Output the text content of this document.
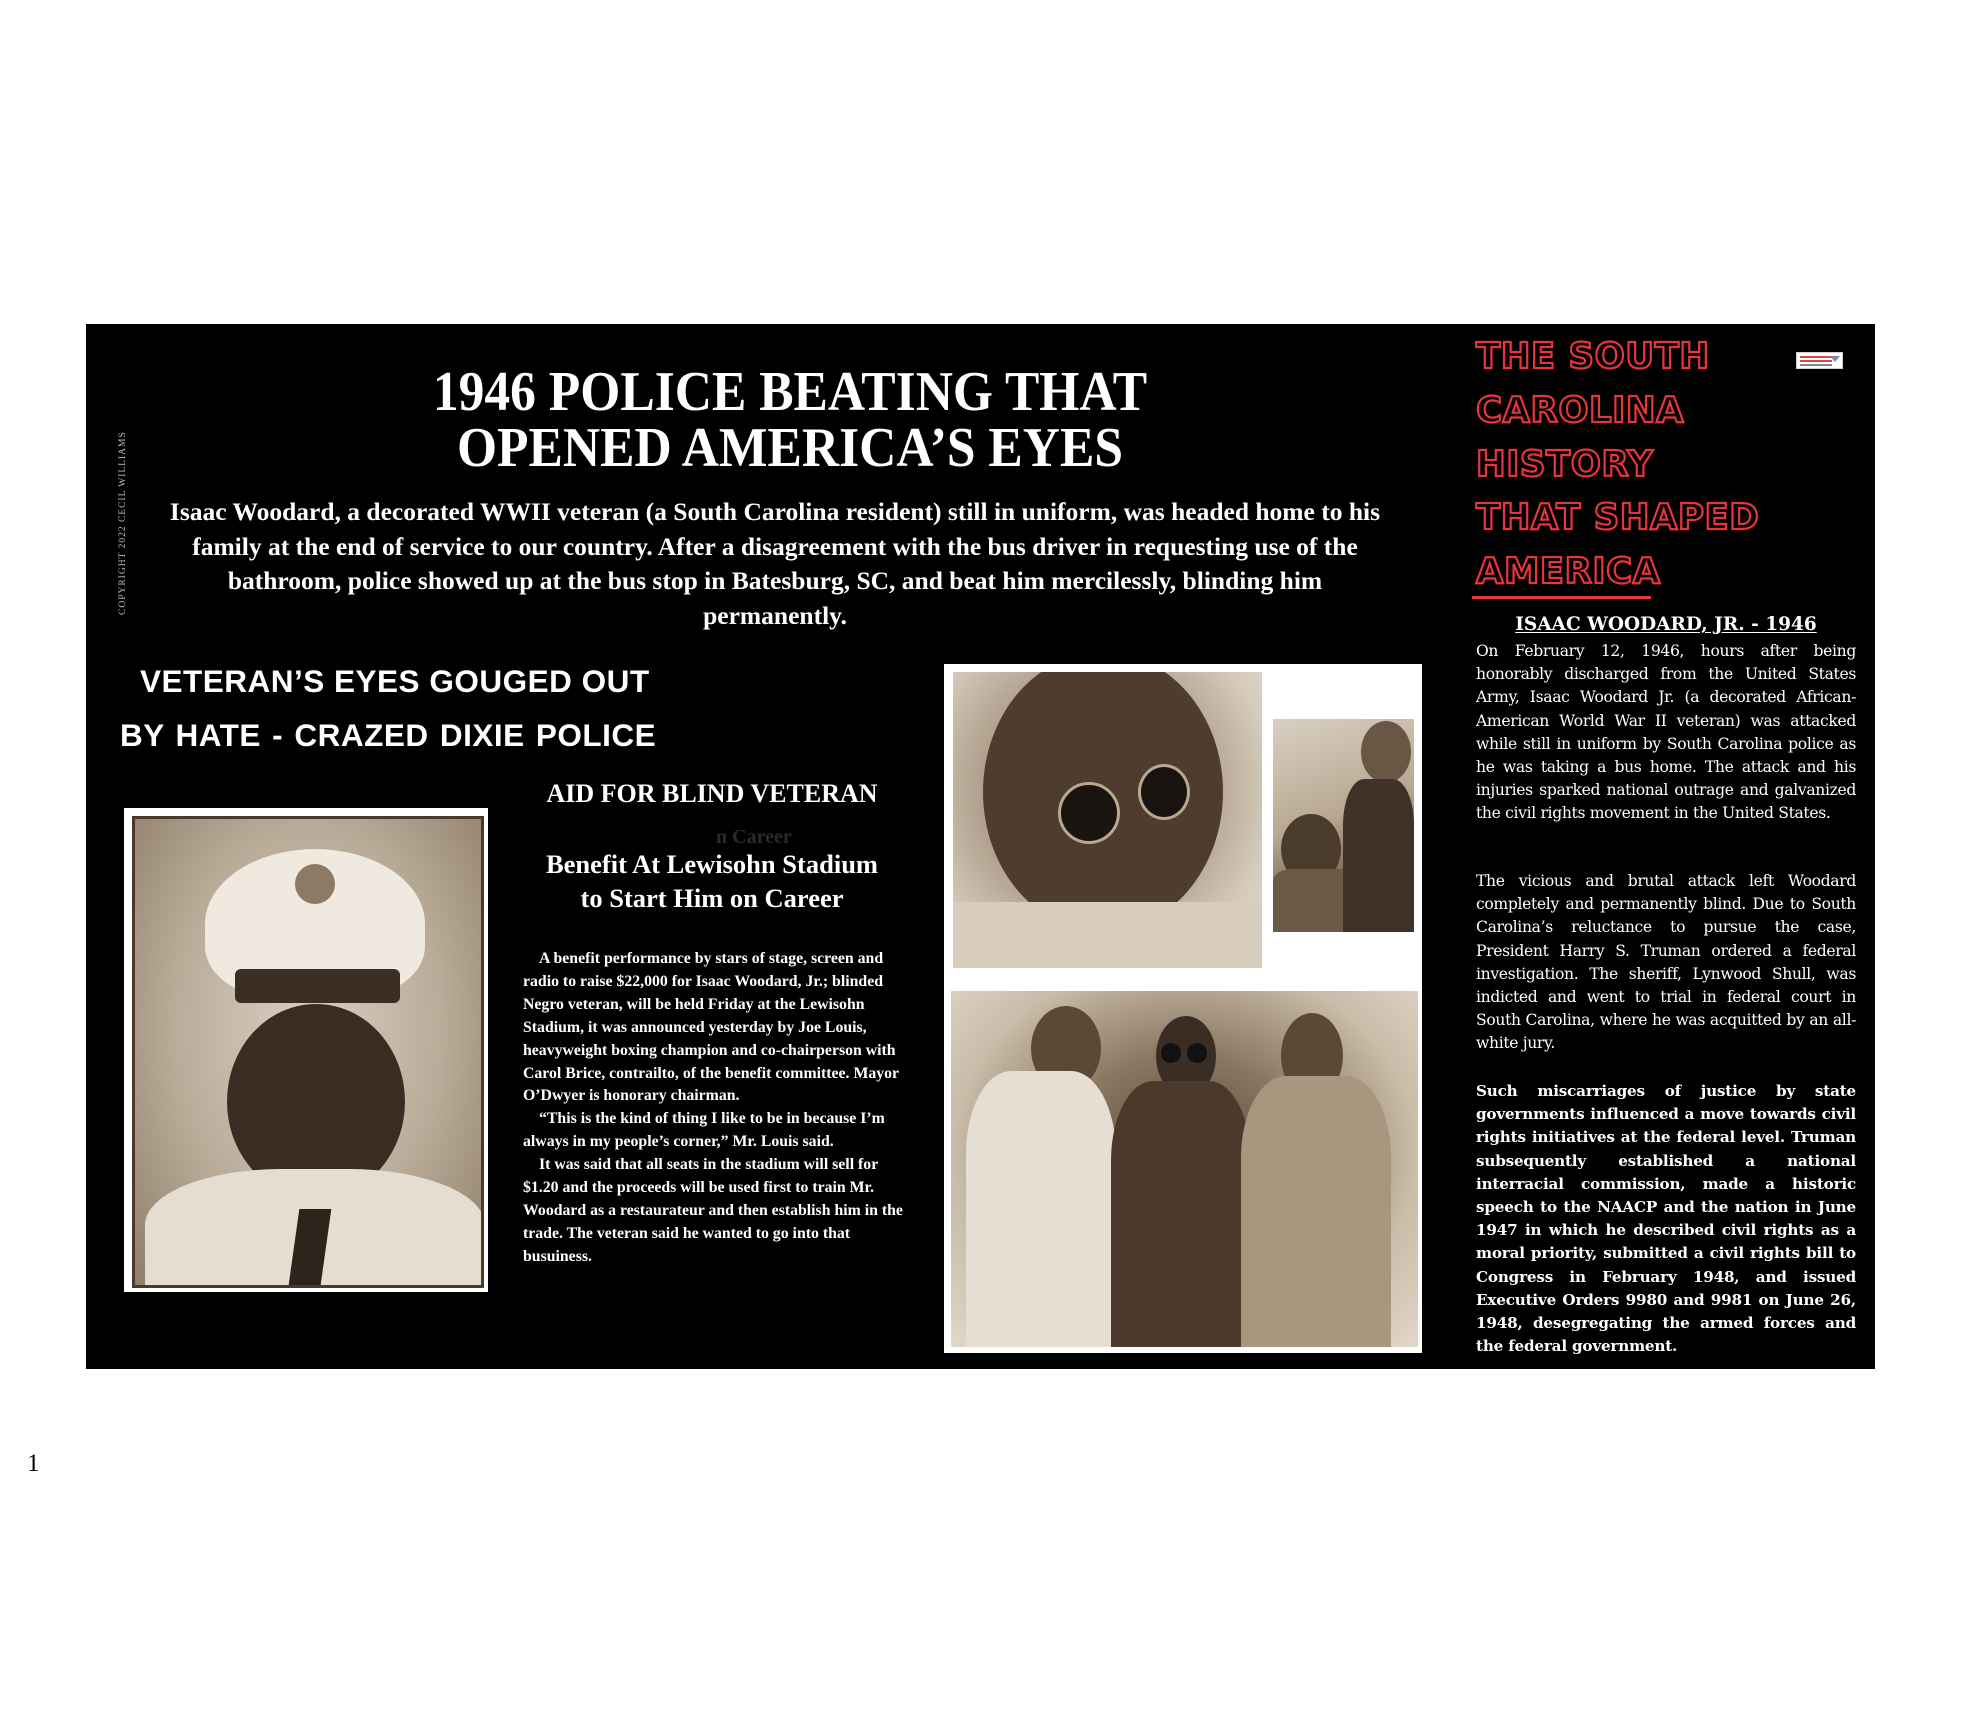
COPYRIGHT 2022 CECIL WILLIAMS
1946 POLICE BEATING THAT
OPENED AMERICA’S EYES
Isaac Woodard, a decorated WWII veteran (a South Carolina resident) still in uniform, was headed home to his family at the end of service to our country. After a disagreement with the bus driver in requesting use of the bathroom, police showed up at the bus stop in Batesburg, SC, and beat him mercilessly, blinding him permanently.
VETERAN’S EYES GOUGED OUT
BY HATE - CRAZED DIXIE POLICE
AID FOR BLIND VETERAN
n Career
Benefit At Lewisohn Stadium
to Start Him on Career

A benefit performance by stars of stage, screen and radio to raise $22,000 for Isaac Woodard, Jr.; blinded Negro veteran, will be held Friday at the Lewisohn Stadium, it was announced yesterday by Joe Louis, heavyweight boxing champion and co-chairperson with Carol Brice, contrailto, of the benefit committee. Mayor O’Dwyer is honorary chairman.

“This is the kind of thing I like to be in because I’m always in my people’s corner,” Mr. Louis said.

It was said that all seats in the stadium will sell for $1.20 and the proceeds will be used first to train Mr. Woodard as a restaurateur and then establish him in the trade. The veteran said he wanted to go into that busuiness.

THE SOUTH
CAROLINA
HISTORY
THAT SHAPED
AMERICA
ISAAC WOODARD, JR. - 1946

On February 12, 1946, hours after being honorably discharged from the United States Army, Isaac Woodard Jr. (a decorated African-American World War II veteran) was attacked while still in uniform by South Carolina police as he was taking a bus home. The attack and his injuries sparked national outrage and galvanized the civil rights movement in the United States.

The vicious and brutal attack left Woodard completely and permanently blind. Due to South Carolina’s reluctance to pursue the case, President Harry S. Truman ordered a federal investigation. The sheriff, Lynwood Shull, was indicted and went to trial in federal court in South Carolina, where he was acquitted by an all-white jury.

Such miscarriages of justice by state governments influenced a move towards civil rights initiatives at the federal level. Truman subsequently established a national interracial commission, made a historic speech to the NAACP and the nation in June 1947 in which he described civil rights as a moral priority, submitted a civil rights bill to Congress in February 1948, and issued Executive Orders 9980 and 9981 on June 26, 1948, desegregating the armed forces and the federal government.

1
